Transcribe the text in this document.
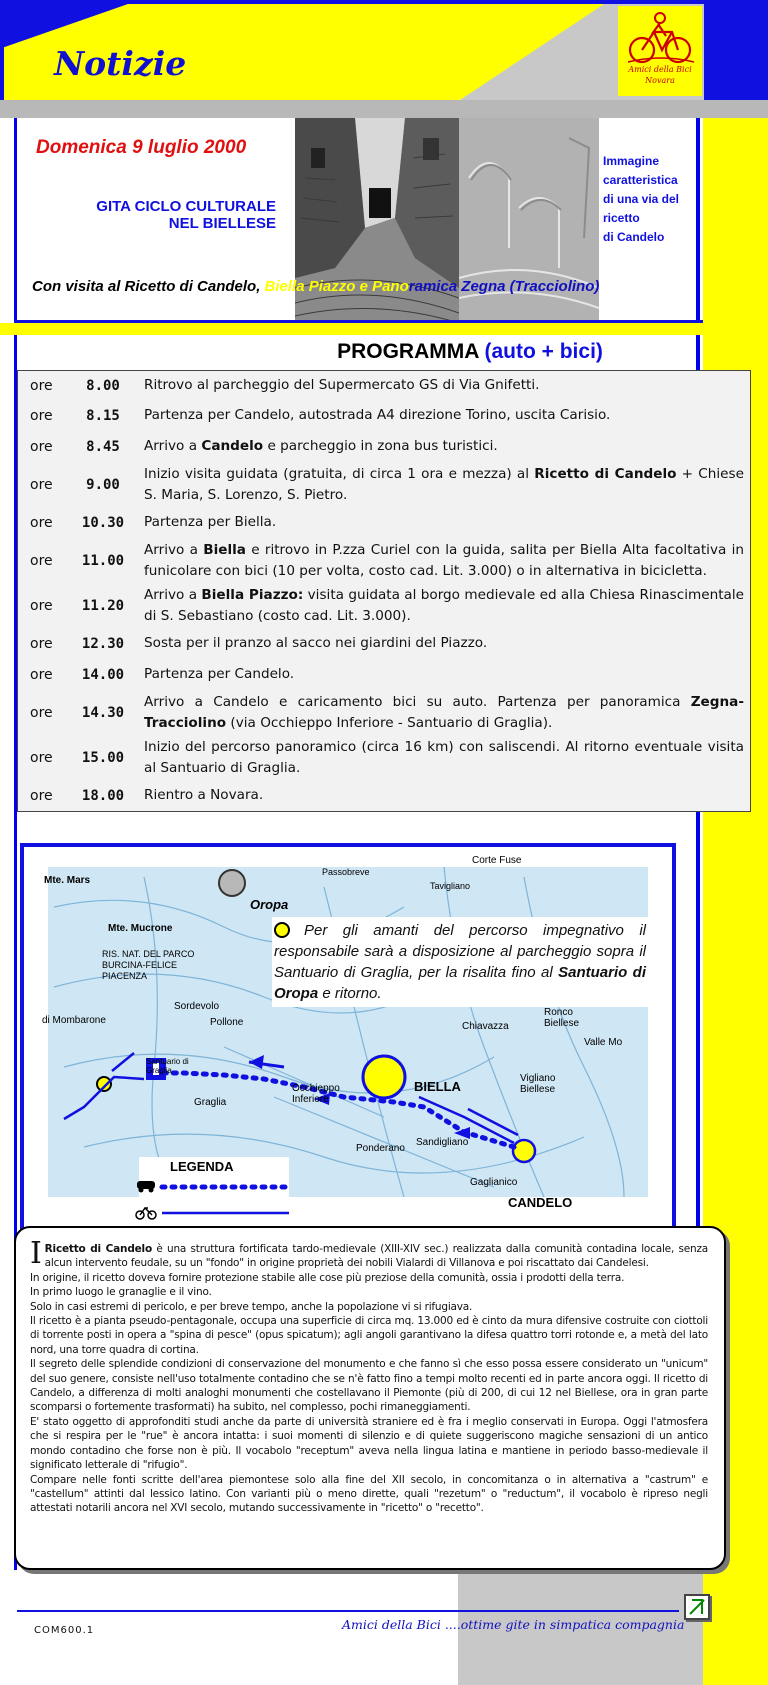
Notizie	Amici della Bici
Novara
Domenica 9 luglio 2000
GITA CICLO CULTURALE
NEL BIELLESE
Immagine
caratteristica
di una via del
ricetto
di Candelo
Con visita al Ricetto di Candelo, Biella Piazzo e Panoramica Zegna (Tracciolino)
PROGRAMMA (auto + bici)
ore	8.00	Ritrovo al parcheggio del Supermercato GS di Via Gnifetti.
ore	8.15	Partenza per Candelo, autostrada A4 direzione Torino, uscita Carisio.
ore	8.45	Arrivo a Candelo e parcheggio in zona bus turistici.
ore	9.00
Inizio visita guidata (gratuita, di circa 1 ora e mezza) al Ricetto di Candelo + Chiese S. Maria, S. Lorenzo, S. Pietro.
ore	10.30	Partenza per Biella.
ore	11.00
Arrivo a Biella e ritrovo in P.zza Curiel con la guida, salita per Biella Alta facoltativa in funicolare con bici (10 per volta, costo cad. Lit. 3.000) o in alternativa in bicicletta.
ore	11.20
Arrivo a Biella Piazzo: visita guidata al borgo medievale ed alla Chiesa Rinascimentale di S. Sebastiano (costo cad. Lit. 3.000).
ore	12.30	Sosta per il pranzo al sacco nei giardini del Piazzo.
ore	14.00	Partenza per Candelo.
ore	14.30
Arrivo a Candelo e caricamento bici su auto. Partenza per panoramica Zegna-Tracciolino (via Occhieppo Inferiore - Santuario di Graglia).
ore	15.00
Inizio del percorso panoramico (circa 16 km) con saliscendi. Al ritorno eventuale visita al Santuario di Graglia.
ore	18.00	Rientro a Novara.
Mte. Mars
Mte. Mucrone
RIS. NAT. DEL PARCO BURCINA-FELICE PIACENZA
di Mombarone	Pollone
Santuario di Graglia
Graglia
Occhieppo Inferiore
Ponderano
Gaglianico
Passobreve
Tavigliano
Corte Fuse
Valle Mo
Ronco Biellese
Vigliano Biellese
Chiavazza
Sordevolo
Sandigliano
Oropa
BIELLA
CANDELO
LEGENDA
Per gli amanti del percorso impegnativo il responsabile sarà a disposizione al parcheggio sopra il Santuario di Graglia, per la risalita fino al Santuario di Oropa e ritorno.
I Ricetto di Candelo è una struttura fortificata tardo-medievale (XIII-XIV sec.) realizzata dalla comunità contadina locale, senza alcun intervento feudale, su un "fondo" in origine proprietà dei nobili Vialardi di Villanova e poi riscattato dai Candelesi.

In origine, il ricetto doveva fornire protezione stabile alle cose più preziose della comunità, ossia i prodotti della terra.

In primo luogo le granaglie e il vino.

Solo in casi estremi di pericolo, e per breve tempo, anche la popolazione vi si rifugiava.

Il ricetto è a pianta pseudo-pentagonale, occupa una superficie di circa mq. 13.000 ed è cinto da mura difensive costruite con ciottoli di torrente posti in opera a "spina di pesce" (opus spicatum); agli angoli garantivano la difesa quattro torri rotonde e, a metà del lato nord, una torre quadra di cortina.

Il segreto delle splendide condizioni di conservazione del monumento e che fanno sì che esso possa essere considerato un "unicum" del suo genere, consiste nell'uso totalmente contadino che se n'è fatto fino a tempi molto recenti ed in parte ancora oggi. Il ricetto di Candelo, a differenza di molti analoghi monumenti che costellavano il Piemonte (più di 200, di cui 12 nel Biellese, ora in gran parte scomparsi o fortemente trasformati) ha subito, nel complesso, pochi rimaneggiamenti.

E' stato oggetto di approfonditi studi anche da parte di università straniere ed è fra i meglio conservati in Europa. Oggi l'atmosfera che si respira per le "rue" è ancora intatta: i suoi momenti di silenzio e di quiete suggeriscono magiche sensazioni di un antico mondo contadino che forse non è più. Il vocabolo "receptum" aveva nella lingua latina e mantiene in periodo basso-medievale il significato letterale di "rifugio".

Compare nelle fonti scritte dell'area piemontese solo alla fine del XII secolo, in concomitanza o in alternativa a "castrum" e "castellum" attinti dal lessico latino. Con varianti più o meno dirette, quali "rezetum" o "reductum", il vocabolo è ripreso negli attestati notarili ancora nel XVI secolo, mutando successivamente in "ricetto" o "recetto".

COM600.1	Amici della Bici ....ottime gite in simpatica compagnia
